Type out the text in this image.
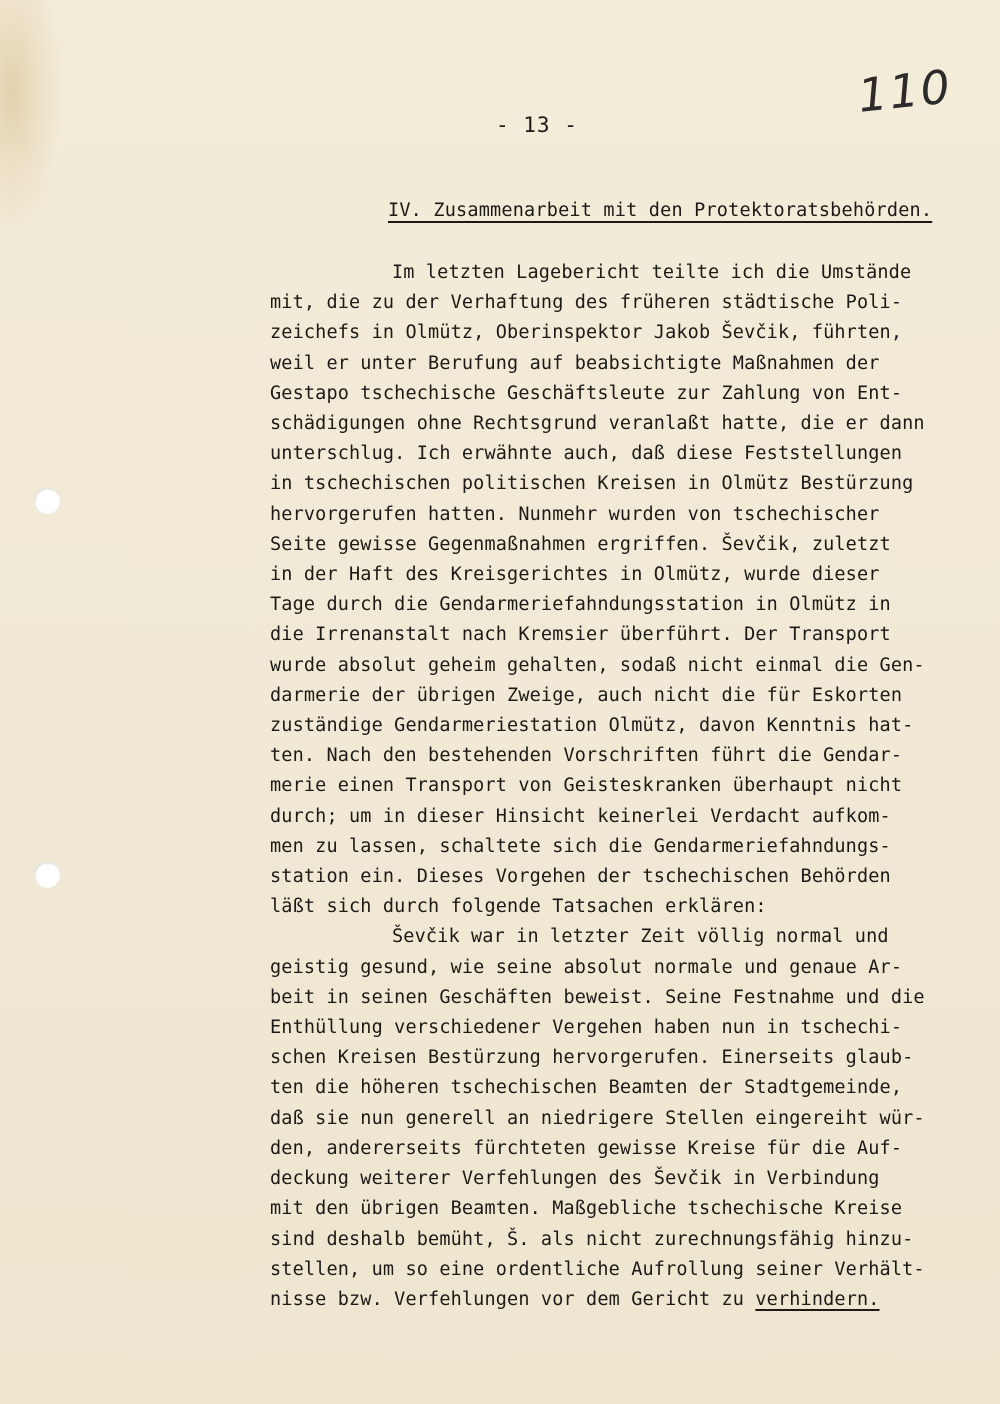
110
- 13 -
IV. Zusammenarbeit mit den Protektoratsbehörden.
Im letzten Lagebericht teilte ich die Umstände
mit, die zu der Verhaftung des früheren städtische Poli-
zeichefs in Olmütz, Oberinspektor Jakob Ševčik, führten,
weil er unter Berufung auf beabsichtigte Maßnahmen der
Gestapo tschechische Geschäftsleute zur Zahlung von Ent-
schädigungen ohne Rechtsgrund veranlaßt hatte, die er dann
unterschlug. Ich erwähnte auch, daß diese Feststellungen
in tschechischen politischen Kreisen in Olmütz Bestürzung
hervorgerufen hatten. Nunmehr wurden von tschechischer
Seite gewisse Gegenmaßnahmen ergriffen. Ševčik, zuletzt
in der Haft des Kreisgerichtes in Olmütz, wurde dieser
Tage durch die Gendarmeriefahndungsstation in Olmütz in
die Irrenanstalt nach Kremsier überführt. Der Transport
wurde absolut geheim gehalten, sodaß nicht einmal die Gen-
darmerie der übrigen Zweige, auch nicht die für Eskorten
zuständige Gendarmeriestation Olmütz, davon Kenntnis hat-
ten. Nach den bestehenden Vorschriften führt die Gendar-
merie einen Transport von Geisteskranken überhaupt nicht
durch; um in dieser Hinsicht keinerlei Verdacht aufkom-
men zu lassen, schaltete sich die Gendarmeriefahndungs-
station ein. Dieses Vorgehen der tschechischen Behörden
läßt sich durch folgende Tatsachen erklären:
Ševčik war in letzter Zeit völlig normal und
geistig gesund, wie seine absolut normale und genaue Ar-
beit in seinen Geschäften beweist. Seine Festnahme und die
Enthüllung verschiedener Vergehen haben nun in tschechi-
schen Kreisen Bestürzung hervorgerufen. Einerseits glaub-
ten die höheren tschechischen Beamten der Stadtgemeinde,
daß sie nun generell an niedrigere Stellen eingereiht wür-
den, andererseits fürchteten gewisse Kreise für die Auf-
deckung weiterer Verfehlungen des Ševčik in Verbindung
mit den übrigen Beamten. Maßgebliche tschechische Kreise
sind deshalb bemüht, Š. als nicht zurechnungsfähig hinzu-
stellen, um so eine ordentliche Aufrollung seiner Verhält-
nisse bzw. Verfehlungen vor dem Gericht zu verhindern.
